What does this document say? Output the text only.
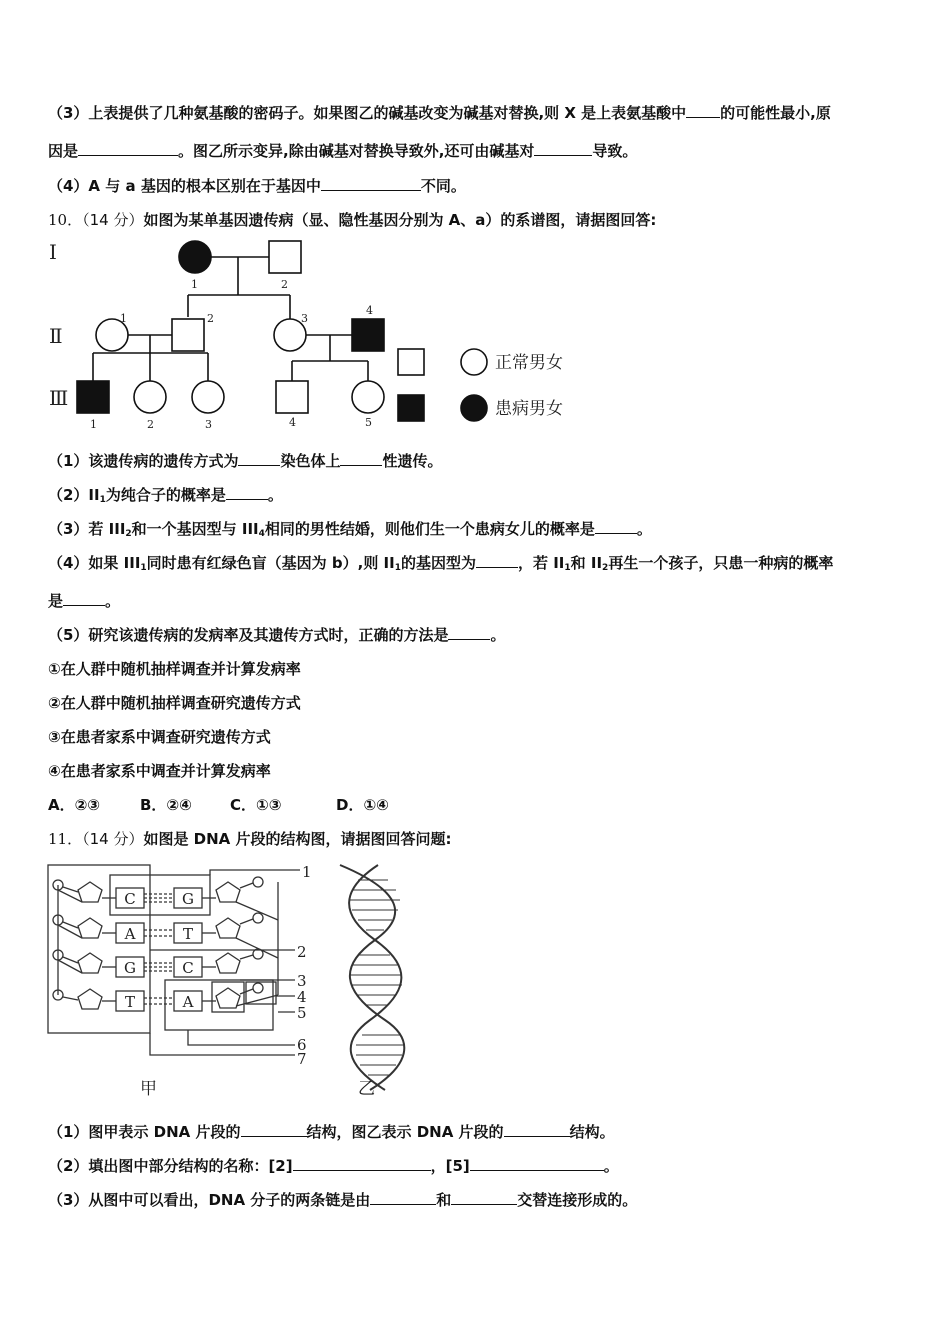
（3）上表提供了几种氨基酸的密码子。如果图乙的碱基改变为碱基对替换,则 X 是上表氨基酸中 的可能性最小,原
因是	。图乙所示变异,除由碱基对替换导致外,还可由碱基对	导致。
（4）A 与 a 基因的根本区别在于基因中	不同。
10．（14 分）如图为某单基因遗传病（显、隐性基因分别为 A、a）的系谱图，请据图回答:
Ⅰ
Ⅱ
Ⅲ
1	2
1	2	3
4
1	2	3	4	5
正常男女
患病男女
（1）该遗传病的遗传方式为	染色体上	性遗传。
$(2)II_1$为纯合子的概率是	。
（3）若 $III_2$和一个基因型与 $III_4$相同的男性结婚，则他们生一个患病女儿的概率是	。
（4）如果 $III_1$同时患有红绿色盲（基因为 b）,则 $II_1$的基因型为	，若 $II_1$和 $II_2$再生一个孩子，只患一种病的概率
是	。
（5）研究该遗传病的发病率及其遗传方式时，正确的方法是	。
①在人群中随机抽样调查并计算发病率
②在人群中随机抽样调查研究遗传方式
③在患者家系中调查研究遗传方式
④在患者家系中调查并计算发病率
A．②③	B．②④	C．①③	D．①④
11．（14 分）如图是 DNA 片段的结构图，请据图回答问题:
C
A
G
T
G
T
C
A
1
2
3
4
5
6
7
甲	乙
（1）图甲表示 DNA 片段的	结构，图乙表示 DNA 片段的	结构。
（2）填出图中部分结构的名称：[2]	，[5]	。
（3）从图中可以看出，DNA 分子的两条链是由	和	交替连接形成的。
